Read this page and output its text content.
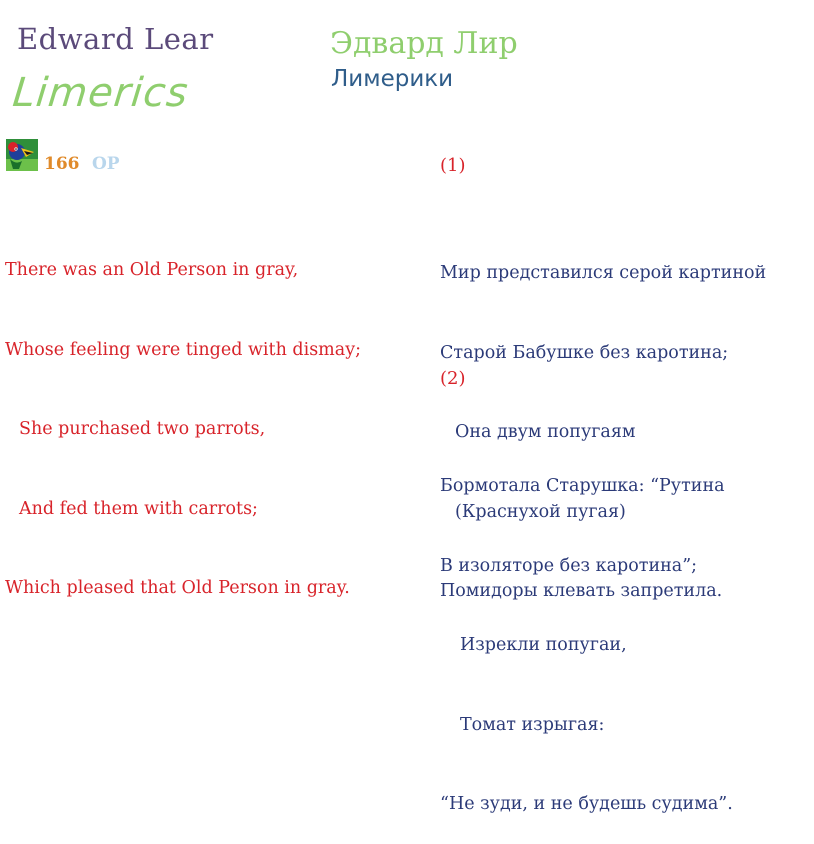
Edward Lear
Limerics
Эдвард Лир
Лимерики
166 OP

There was an Old Person in gray,

Whose feeling were tinged with dismay;

She purchased two parrots,

And fed them with carrots;

Which pleased that Old Person in gray.

(1)

Мир представился серой картиной

Старой Бабушке без каротина;

Она двум попугаям

(Краснухой пугая)

Помидоры клевать запретила.

(2)

Бормотала Старушка: “Рутина

В изоляторе без каротина”;

Изрекли попугаи,

Томат изрыгая:

“Не зуди, и не будешь судима”.
